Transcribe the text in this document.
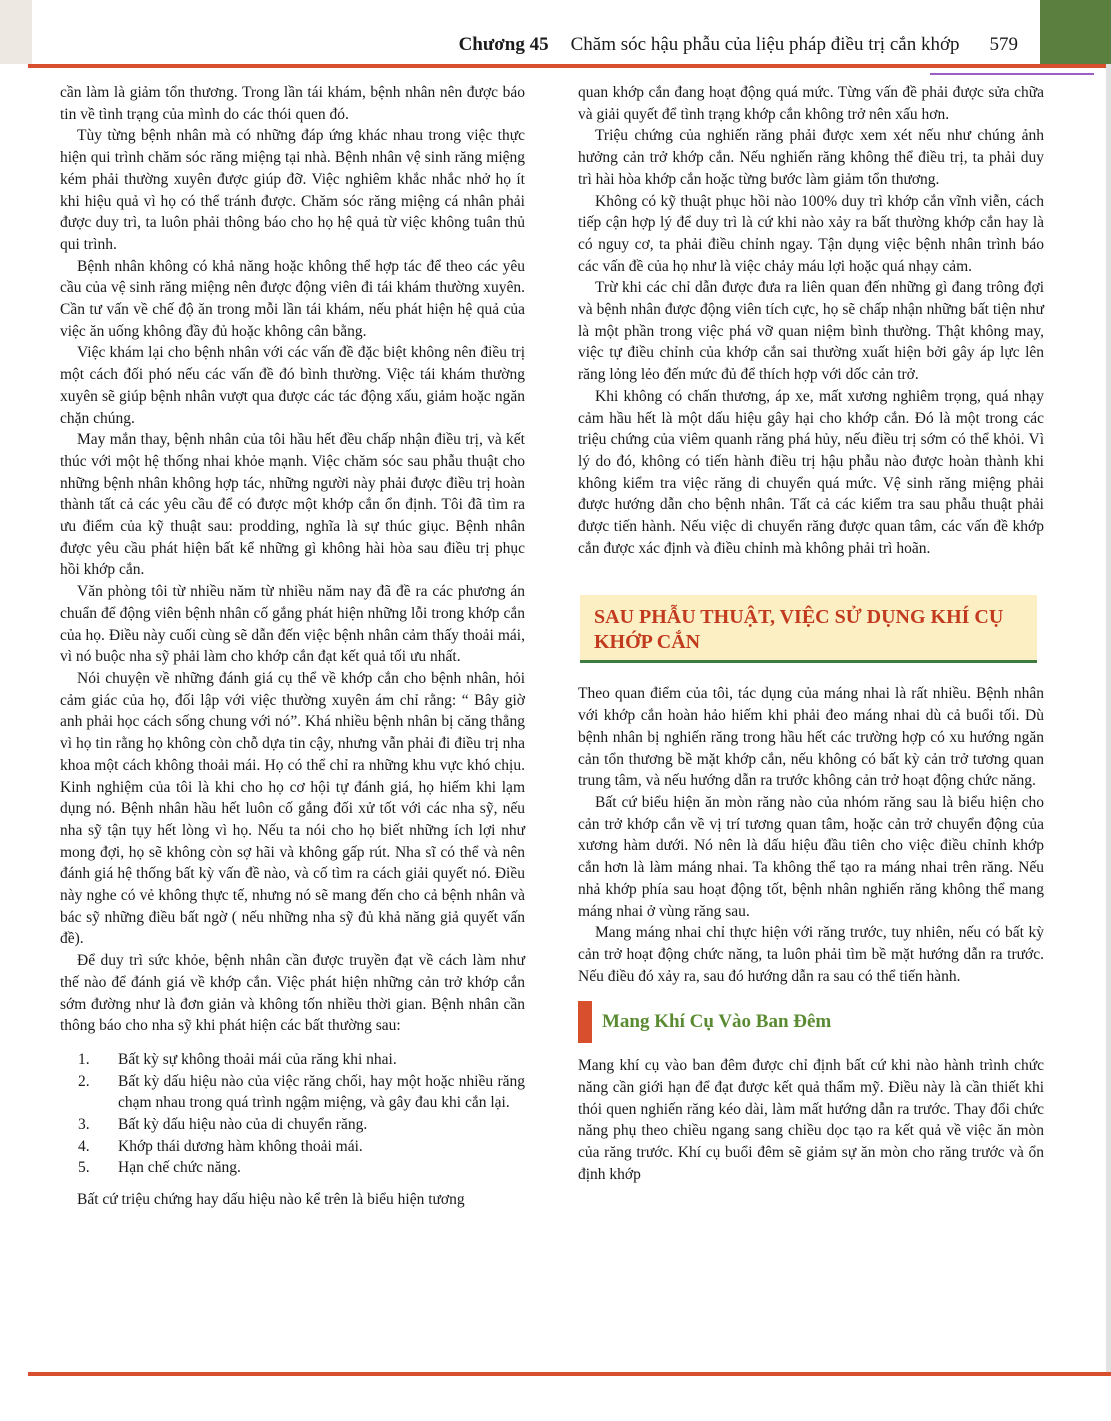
Chương 45 Chăm sóc hậu phẫu của liệu pháp điều trị cắn khớp 579

cần làm là giảm tổn thương. Trong lần tái khám, bệnh nhân nên được báo tin về tình trạng của mình do các thói quen đó.

Tùy từng bệnh nhân mà có những đáp ứng khác nhau trong việc thực hiện qui trình chăm sóc răng miệng tại nhà. Bệnh nhân vệ sinh răng miệng kém phải thường xuyên được giúp đỡ. Việc nghiêm khắc nhắc nhở họ ít khi hiệu quả vì họ có thể tránh được. Chăm sóc răng miệng cá nhân phải được duy trì, ta luôn phải thông báo cho họ hệ quả từ việc không tuân thủ qui trình.

Bệnh nhân không có khả năng hoặc không thể hợp tác để theo các yêu cầu của vệ sinh răng miệng nên được động viên đi tái khám thường xuyên. Cần tư vấn về chế độ ăn trong mỗi lần tái khám, nếu phát hiện hệ quả của việc ăn uống không đầy đủ hoặc không cân bằng.

Việc khám lại cho bệnh nhân với các vấn đề đặc biệt không nên điều trị một cách đối phó nếu các vấn đề đó bình thường. Việc tái khám thường xuyên sẽ giúp bệnh nhân vượt qua được các tác động xấu, giảm hoặc ngăn chặn chúng.

May mắn thay, bệnh nhân của tôi hầu hết đều chấp nhận điều trị, và kết thúc với một hệ thống nhai khỏe mạnh. Việc chăm sóc sau phẫu thuật cho những bệnh nhân không hợp tác, những người này phải được điều trị hoàn thành tất cả các yêu cầu để có được một khớp cắn ổn định. Tôi đã tìm ra ưu điểm của kỹ thuật sau: prodding, nghĩa là sự thúc giục. Bệnh nhân được yêu cầu phát hiện bất kể những gì không hài hòa sau điều trị phục hồi khớp cắn.

Văn phòng tôi từ nhiều năm từ nhiều năm nay đã đề ra các phương án chuẩn để động viên bệnh nhân cố gắng phát hiện những lỗi trong khớp cắn của họ. Điều này cuối cùng sẽ dẫn đến việc bệnh nhân cảm thấy thoải mái, vì nó buộc nha sỹ phải làm cho khớp cắn đạt kết quả tối ưu nhất.

Nói chuyện về những đánh giá cụ thể về khớp cắn cho bệnh nhân, hỏi cảm giác của họ, đối lập với việc thường xuyên ám chỉ rằng: “ Bây giờ anh phải học cách sống chung với nó”. Khá nhiều bệnh nhân bị căng thẳng vì họ tin rằng họ không còn chỗ dựa tin cậy, nhưng vẫn phải đi điều trị nha khoa một cách không thoải mái. Họ có thể chỉ ra những khu vực khó chịu. Kinh nghiệm của tôi là khi cho họ cơ hội tự đánh giá, họ hiếm khi lạm dụng nó. Bệnh nhân hầu hết luôn cố gắng đối xử tốt với các nha sỹ, nếu nha sỹ tận tụy hết lòng vì họ. Nếu ta nói cho họ biết những ích lợi như mong đợi, họ sẽ không còn sợ hãi và không gấp rút. Nha sĩ có thể và nên đánh giá hệ thống bất kỳ vấn đề nào, và cố tìm ra cách giải quyết nó. Điều này nghe có vẻ không thực tế, nhưng nó sẽ mang đến cho cả bệnh nhân và bác sỹ những điều bất ngờ ( nếu những nha sỹ đủ khả năng giả quyết vấn đề).

Để duy trì sức khỏe, bệnh nhân cần được truyền đạt về cách làm như thế nào để đánh giá về khớp cắn. Việc phát hiện những cản trở khớp cắn sớm đường như là đơn giản và không tốn nhiều thời gian. Bệnh nhân cần thông báo cho nha sỹ khi phát hiện các bất thường sau:

1.	Bất kỳ sự không thoải mái của răng khi nhai.
2.	Bất kỳ dấu hiệu nào của việc răng chối, hay một hoặc nhiều răng chạm nhau trong quá trình ngậm miệng, và gây đau khi cắn lại.
3.	Bất kỳ dấu hiệu nào của di chuyển răng.
4.	Khớp thái dương hàm không thoải mái.
5.	Hạn chế chức năng.

Bất cứ triệu chứng hay dấu hiệu nào kể trên là biểu hiện tương

quan khớp cắn đang hoạt động quá mức. Từng vấn đề phải được sửa chữa và giải quyết để tình trạng khớp cắn không trở nên xấu hơn.

Triệu chứng của nghiến răng phải được xem xét nếu như chúng ảnh hưởng cản trở khớp cắn. Nếu nghiến răng không thể điều trị, ta phải duy trì hài hòa khớp cắn hoặc từng bước làm giảm tổn thương.

Không có kỹ thuật phục hồi nào 100% duy trì khớp cắn vĩnh viễn, cách tiếp cận hợp lý để duy trì là cứ khi nào xảy ra bất thường khớp cắn hay là có nguy cơ, ta phải điều chỉnh ngay. Tận dụng việc bệnh nhân trình báo các vấn đề của họ như là việc chảy máu lợi hoặc quá nhạy cảm.

Trừ khi các chỉ dẫn được đưa ra liên quan đến những gì đang trông đợi và bệnh nhân được động viên tích cực, họ sẽ chấp nhận những bất tiện như là một phần trong việc phá vỡ quan niệm bình thường. Thật không may, việc tự điều chỉnh của khớp cắn sai thường xuất hiện bởi gây áp lực lên răng lỏng lẻo đến mức đủ để thích hợp với dốc cản trở.

Khi không có chấn thương, áp xe, mất xương nghiêm trọng, quá nhạy cảm hầu hết là một dấu hiệu gây hại cho khớp cắn. Đó là một trong các triệu chứng của viêm quanh răng phá hủy, nếu điều trị sớm có thể khỏi. Vì lý do đó, không có tiến hành điều trị hậu phẫu nào được hoàn thành khi không kiểm tra việc răng di chuyển quá mức. Vệ sinh răng miệng phải được hướng dẫn cho bệnh nhân. Tất cả các kiểm tra sau phẫu thuật phải được tiến hành. Nếu việc di chuyển răng được quan tâm, các vấn đề khớp cắn được xác định và điều chỉnh mà không phải trì hoãn.

SAU PHẪU THUẬT, VIỆC SỬ DỤNG KHÍ CỤ KHỚP CẮN

Theo quan điểm của tôi, tác dụng của máng nhai là rất nhiều. Bệnh nhân với khớp cắn hoàn hảo hiếm khi phải đeo máng nhai dù cả buổi tối. Dù bệnh nhân bị nghiến răng trong hầu hết các trường hợp có xu hướng ngăn cản tổn thương bề mặt khớp cắn, nếu không có bất kỳ cản trở tương quan trung tâm, và nếu hướng dẫn ra trước không cản trở hoạt động chức năng.

Bất cứ biểu hiện ăn mòn răng nào của nhóm răng sau là biểu hiện cho cản trở khớp cắn về vị trí tương quan tâm, hoặc cản trở chuyển động của xương hàm dưới. Nó nên là dấu hiệu đầu tiên cho việc điều chỉnh khớp cắn hơn là làm máng nhai. Ta không thể tạo ra máng nhai trên răng. Nếu nhả khớp phía sau hoạt động tốt, bệnh nhân nghiến răng không thể mang máng nhai ở vùng răng sau.

Mang máng nhai chỉ thực hiện với răng trước, tuy nhiên, nếu có bất kỳ cản trở hoạt động chức năng, ta luôn phải tìm bề mặt hướng dẫn ra trước. Nếu điều đó xảy ra, sau đó hướng dẫn ra sau có thể tiến hành.

Mang Khí Cụ Vào Ban Đêm

Mang khí cụ vào ban đêm được chỉ định bất cứ khi nào hành trình chức năng cần giới hạn để đạt được kết quả thẩm mỹ. Điều này là cần thiết khi thói quen nghiến răng kéo dài, làm mất hướng dẫn ra trước. Thay đổi chức năng phụ theo chiều ngang sang chiều dọc tạo ra kết quả về việc ăn mòn của răng trước. Khí cụ buổi đêm sẽ giảm sự ăn mòn cho răng trước và ổn định khớp
